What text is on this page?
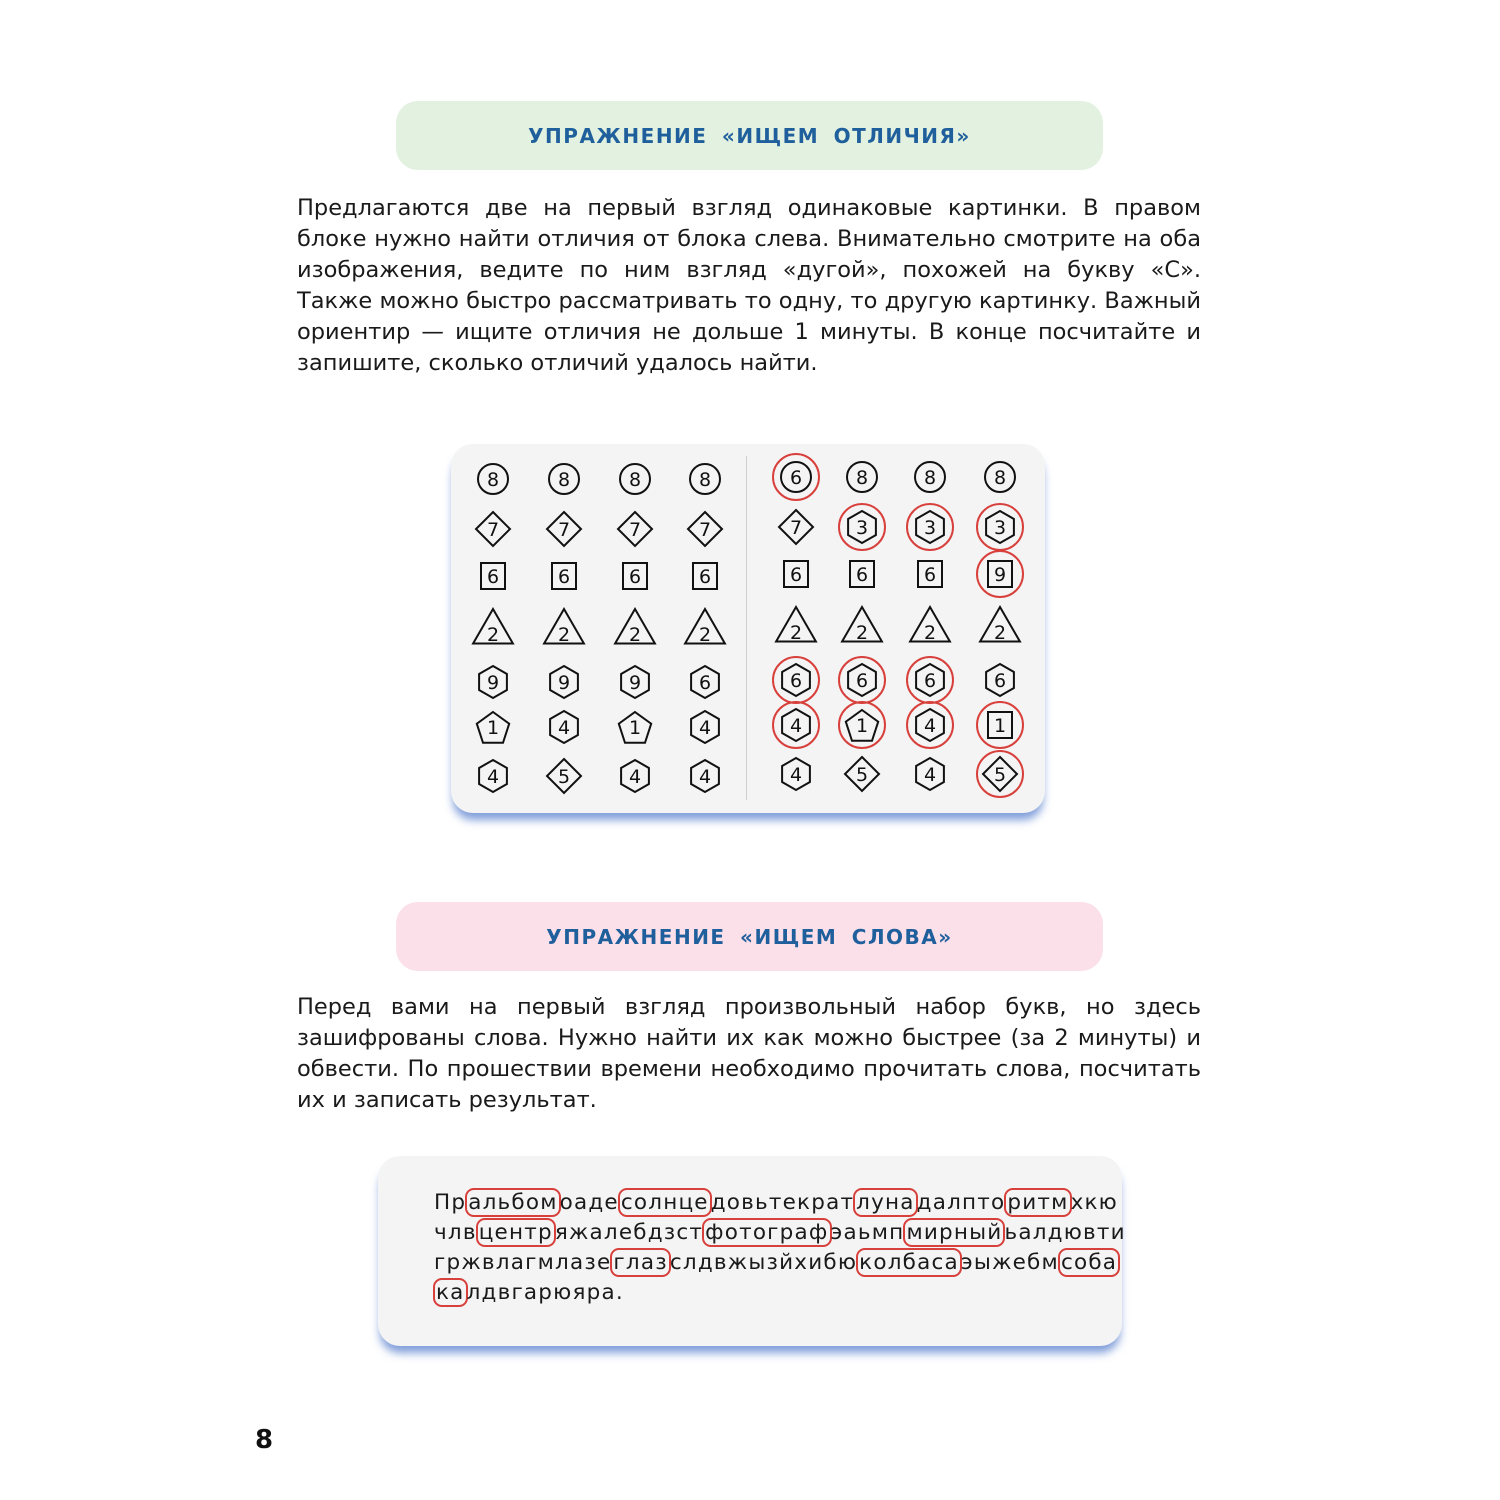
УПРАЖНЕНИЕ «ИЩЕМ ОТЛИЧИЯ»

Предлагаются две на первый взгляд одинаковые картинки. В правом блоке нужно найти отличия от блока слева. Внимательно смотрите на оба изображения, ведите по ним взгляд «дугой», похожей на букву «С». Также можно быстро рассматривать то одну, то другую картинку. Важный ориентир — ищите отличия не дольше 1 минуты. В конце посчитайте и запишите, сколько отличий удалось найти.

8	8	8	8
7	7	7	7
6	6	6	6
2	2	2	2
9	9	9	6
1	4	1	4
4	5	4	4
6	8	8	8
7	3	3	3
6	6	6	9
2	2	2	2
6	6	6	6
4	1	4	1
4	5	4	5
УПРАЖНЕНИЕ «ИЩЕМ СЛОВА»

Перед вами на первый взгляд произвольный набор букв, но здесь зашифрованы слова. Нужно найти их как можно быстрее (за 2 минуты) и обвести. По прошествии времени необходимо прочитать слова, посчитать их и записать результат.

Пральбомоадесолнцедовьтекратлунадалпторитмхкю
члвцентряжалебдзстфотографэаьмпмирныйьалдювти
гржвлагмлазеглазслдвжызйхибюколбасаэыжебмсоба
калдвгарюяра.
8
